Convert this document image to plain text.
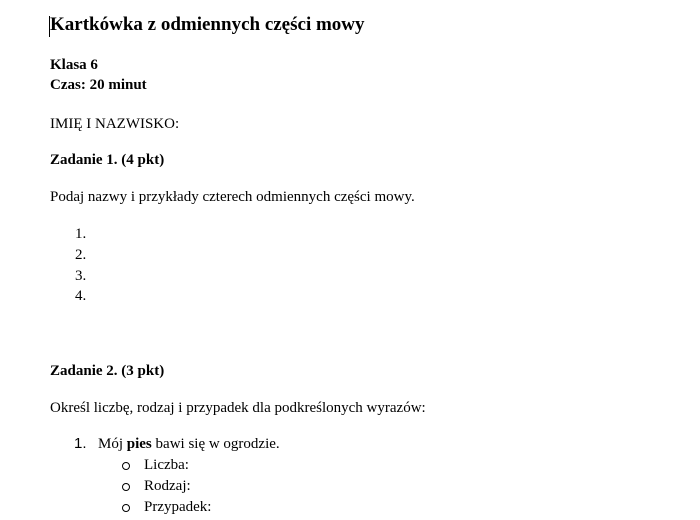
Kartkówka z odmiennych części mowy
Klasa 6
Czas: 20 minut
IMIĘ I NAZWISKO:
Zadanie 1. (4 pkt)
Podaj nazwy i przykłady czterech odmiennych części mowy.
1.
2.
3.
4.
Zadanie 2. (3 pkt)
Określ liczbę, rodzaj i przypadek dla podkreślonych wyrazów:
1. Mój pies bawi się w ogrodzie.
Liczba:
Rodzaj:
Przypadek:
